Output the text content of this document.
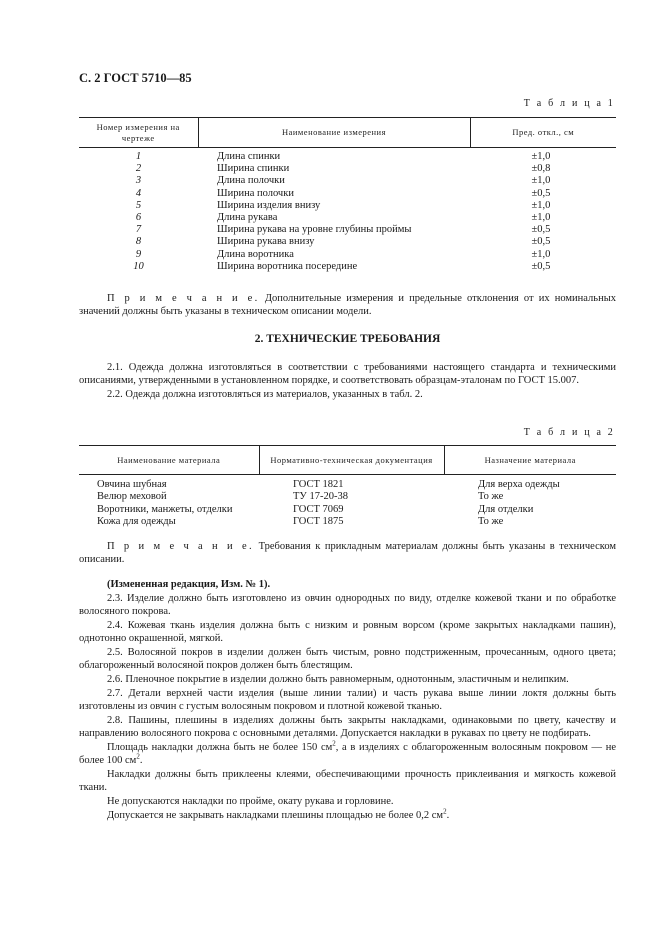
С. 2 ГОСТ 5710—85
Т а б л и ц а 1
Номер измерения на чертеже	Наименование измерения	Пред. откл., см
1	Длина спинки	±1,0
2	Ширина спинки	±0,8
3	Длина полочки	±1,0
4	Ширина полочки	±0,5
5	Ширина изделия внизу	±1,0
6	Длина рукава	±1,0
7	Ширина рукава на уровне глубины проймы	±0,5
8	Ширина рукава внизу	±0,5
9	Длина воротника	±1,0
10	Ширина воротника посередине	±0,5
П р и м е ч а н и е. Дополнительные измерения и предельные отклонения от их номинальных значений должны быть указаны в техническом описании модели.
2. ТЕХНИЧЕСКИЕ ТРЕБОВАНИЯ

2.1. Одежда должна изготовляться в соответствии с требованиями настоящего стандарта и техническими описаниями, утвержденными в установленном порядке, и соответствовать образцам-эталонам по ГОСТ 15.007.

2.2. Одежда должна изготовляться из материалов, указанных в табл. 2.

Т а б л и ц а 2
Наименование материала	Нормативно-техническая документация	Назначение материала
Овчина шубная	ГОСТ 1821	Для верха одежды
Велюр меховой	ТУ 17-20-38	То же
Воротники, манжеты, отделки	ГОСТ 7069	Для отделки
Кожа для одежды	ГОСТ 1875	То же
П р и м е ч а н и е. Требования к прикладным материалам должны быть указаны в техническом описании.

(Измененная редакция, Изм. № 1).

2.3. Изделие должно быть изготовлено из овчин однородных по виду, отделке кожевой ткани и по обработке волосяного покрова.

2.4. Кожевая ткань изделия должна быть с низким и ровным ворсом (кроме закрытых накладками пашин), однотонно окрашенной, мягкой.

2.5. Волосяной покров в изделии должен быть чистым, ровно подстриженным, прочесанным, одного цвета; облагороженный волосяной покров должен быть блестящим.

2.6. Пленочное покрытие в изделии должно быть равномерным, однотонным, эластичным и нелипким.

2.7. Детали верхней части изделия (выше линии талии) и часть рукава выше линии локтя должны быть изготовлены из овчин с густым волосяным покровом и плотной кожевой тканью.

2.8. Пашины, плешины в изделиях должны быть закрыты накладками, одинаковыми по цвету, качеству и направлению волосяного покрова с основными деталями. Допускается накладки в рукавах по цвету не подбирать.

Площадь накладки должна быть не более 150 $см^2$, а в изделиях с облагороженным волосяным покровом — не более 100 $см^2$.

Накладки должны быть приклеены клеями, обеспечивающими прочность приклеивания и мягкость кожевой ткани.

Не допускаются накладки по пройме, окату рукава и горловине.

Допускается не закрывать накладками плешины площадью не более 0,2 $см^2$.
